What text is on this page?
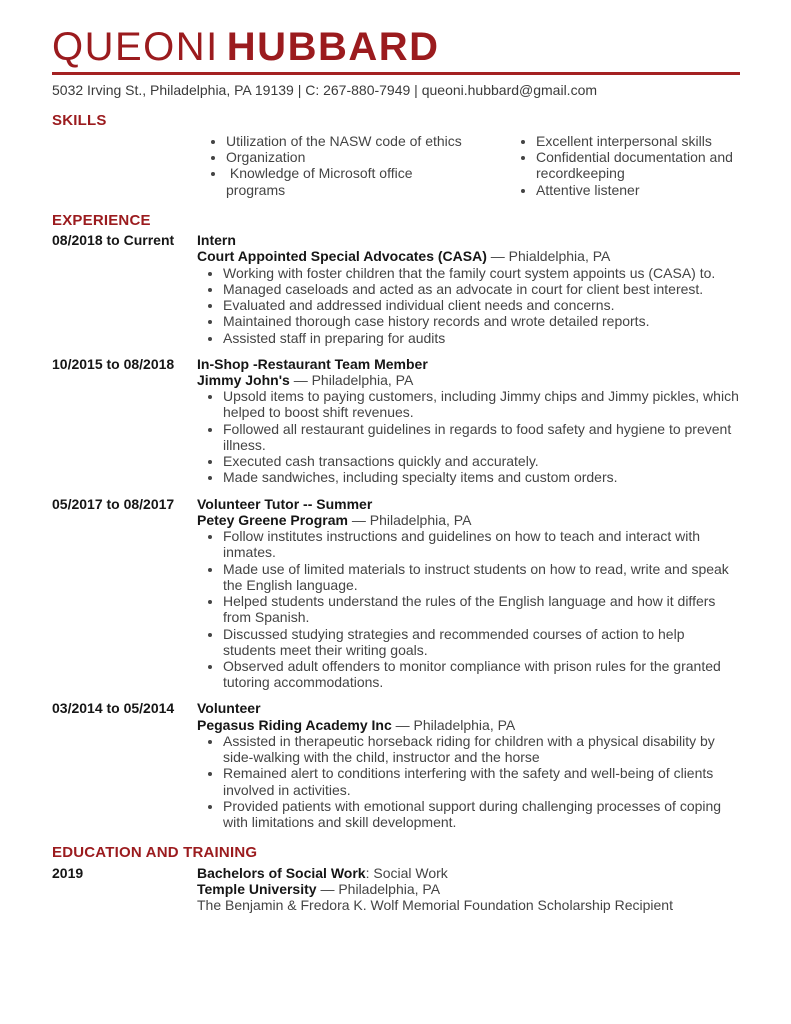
QUEONI HUBBARD
5032 Irving St., Philadelphia, PA 19139 | C: 267-880-7949 | queoni.hubbard@gmail.com
SKILLS
• Utilization of the NASW code of ethics
• Organization
•  Knowledge of Microsoft office programs
• Excellent interpersonal skills
• Confidential documentation and recordkeeping
• Attentive listener
EXPERIENCE
08/2018 to Current	Intern
Court Appointed Special Advocates (CASA) — Phialdelphia, PA
• Working with foster children that the family court system appoints us (CASA) to.
• Managed caseloads and acted as an advocate in court for client best interest.
• Evaluated and addressed individual client needs and concerns.
• Maintained thorough case history records and wrote detailed reports.
• Assisted staff in preparing for audits
10/2015 to 08/2018	In-Shop -Restaurant Team Member
Jimmy John's — Philadelphia, PA
• Upsold items to paying customers, including Jimmy chips and Jimmy pickles, which helped to boost shift revenues.
• Followed all restaurant guidelines in regards to food safety and hygiene to prevent illness.
• Executed cash transactions quickly and accurately.
• Made sandwiches, including specialty items and custom orders.
05/2017 to 08/2017	Volunteer Tutor -- Summer
Petey Greene Program — Philadelphia, PA
• Follow institutes instructions and guidelines on how to teach and interact with inmates.
• Made use of limited materials to instruct students on how to read, write and speak the English language.
• Helped students understand the rules of the English language and how it differs from Spanish.
• Discussed studying strategies and recommended courses of action to help students meet their writing goals.
• Observed adult offenders to monitor compliance with prison rules for the granted tutoring accommodations.
03/2014 to 05/2014	Volunteer
Pegasus Riding Academy Inc — Philadelphia, PA
• Assisted in therapeutic horseback riding for children with a physical disability by side-walking with the child, instructor and the horse
• Remained alert to conditions interfering with the safety and well-being of clients involved in activities.
• Provided patients with emotional support during challenging processes of coping with limitations and skill development.
EDUCATION AND TRAINING
2019	Bachelors of Social Work: Social Work
Temple University — Philadelphia, PA
The Benjamin & Fredora K. Wolf Memorial Foundation Scholarship Recipient
